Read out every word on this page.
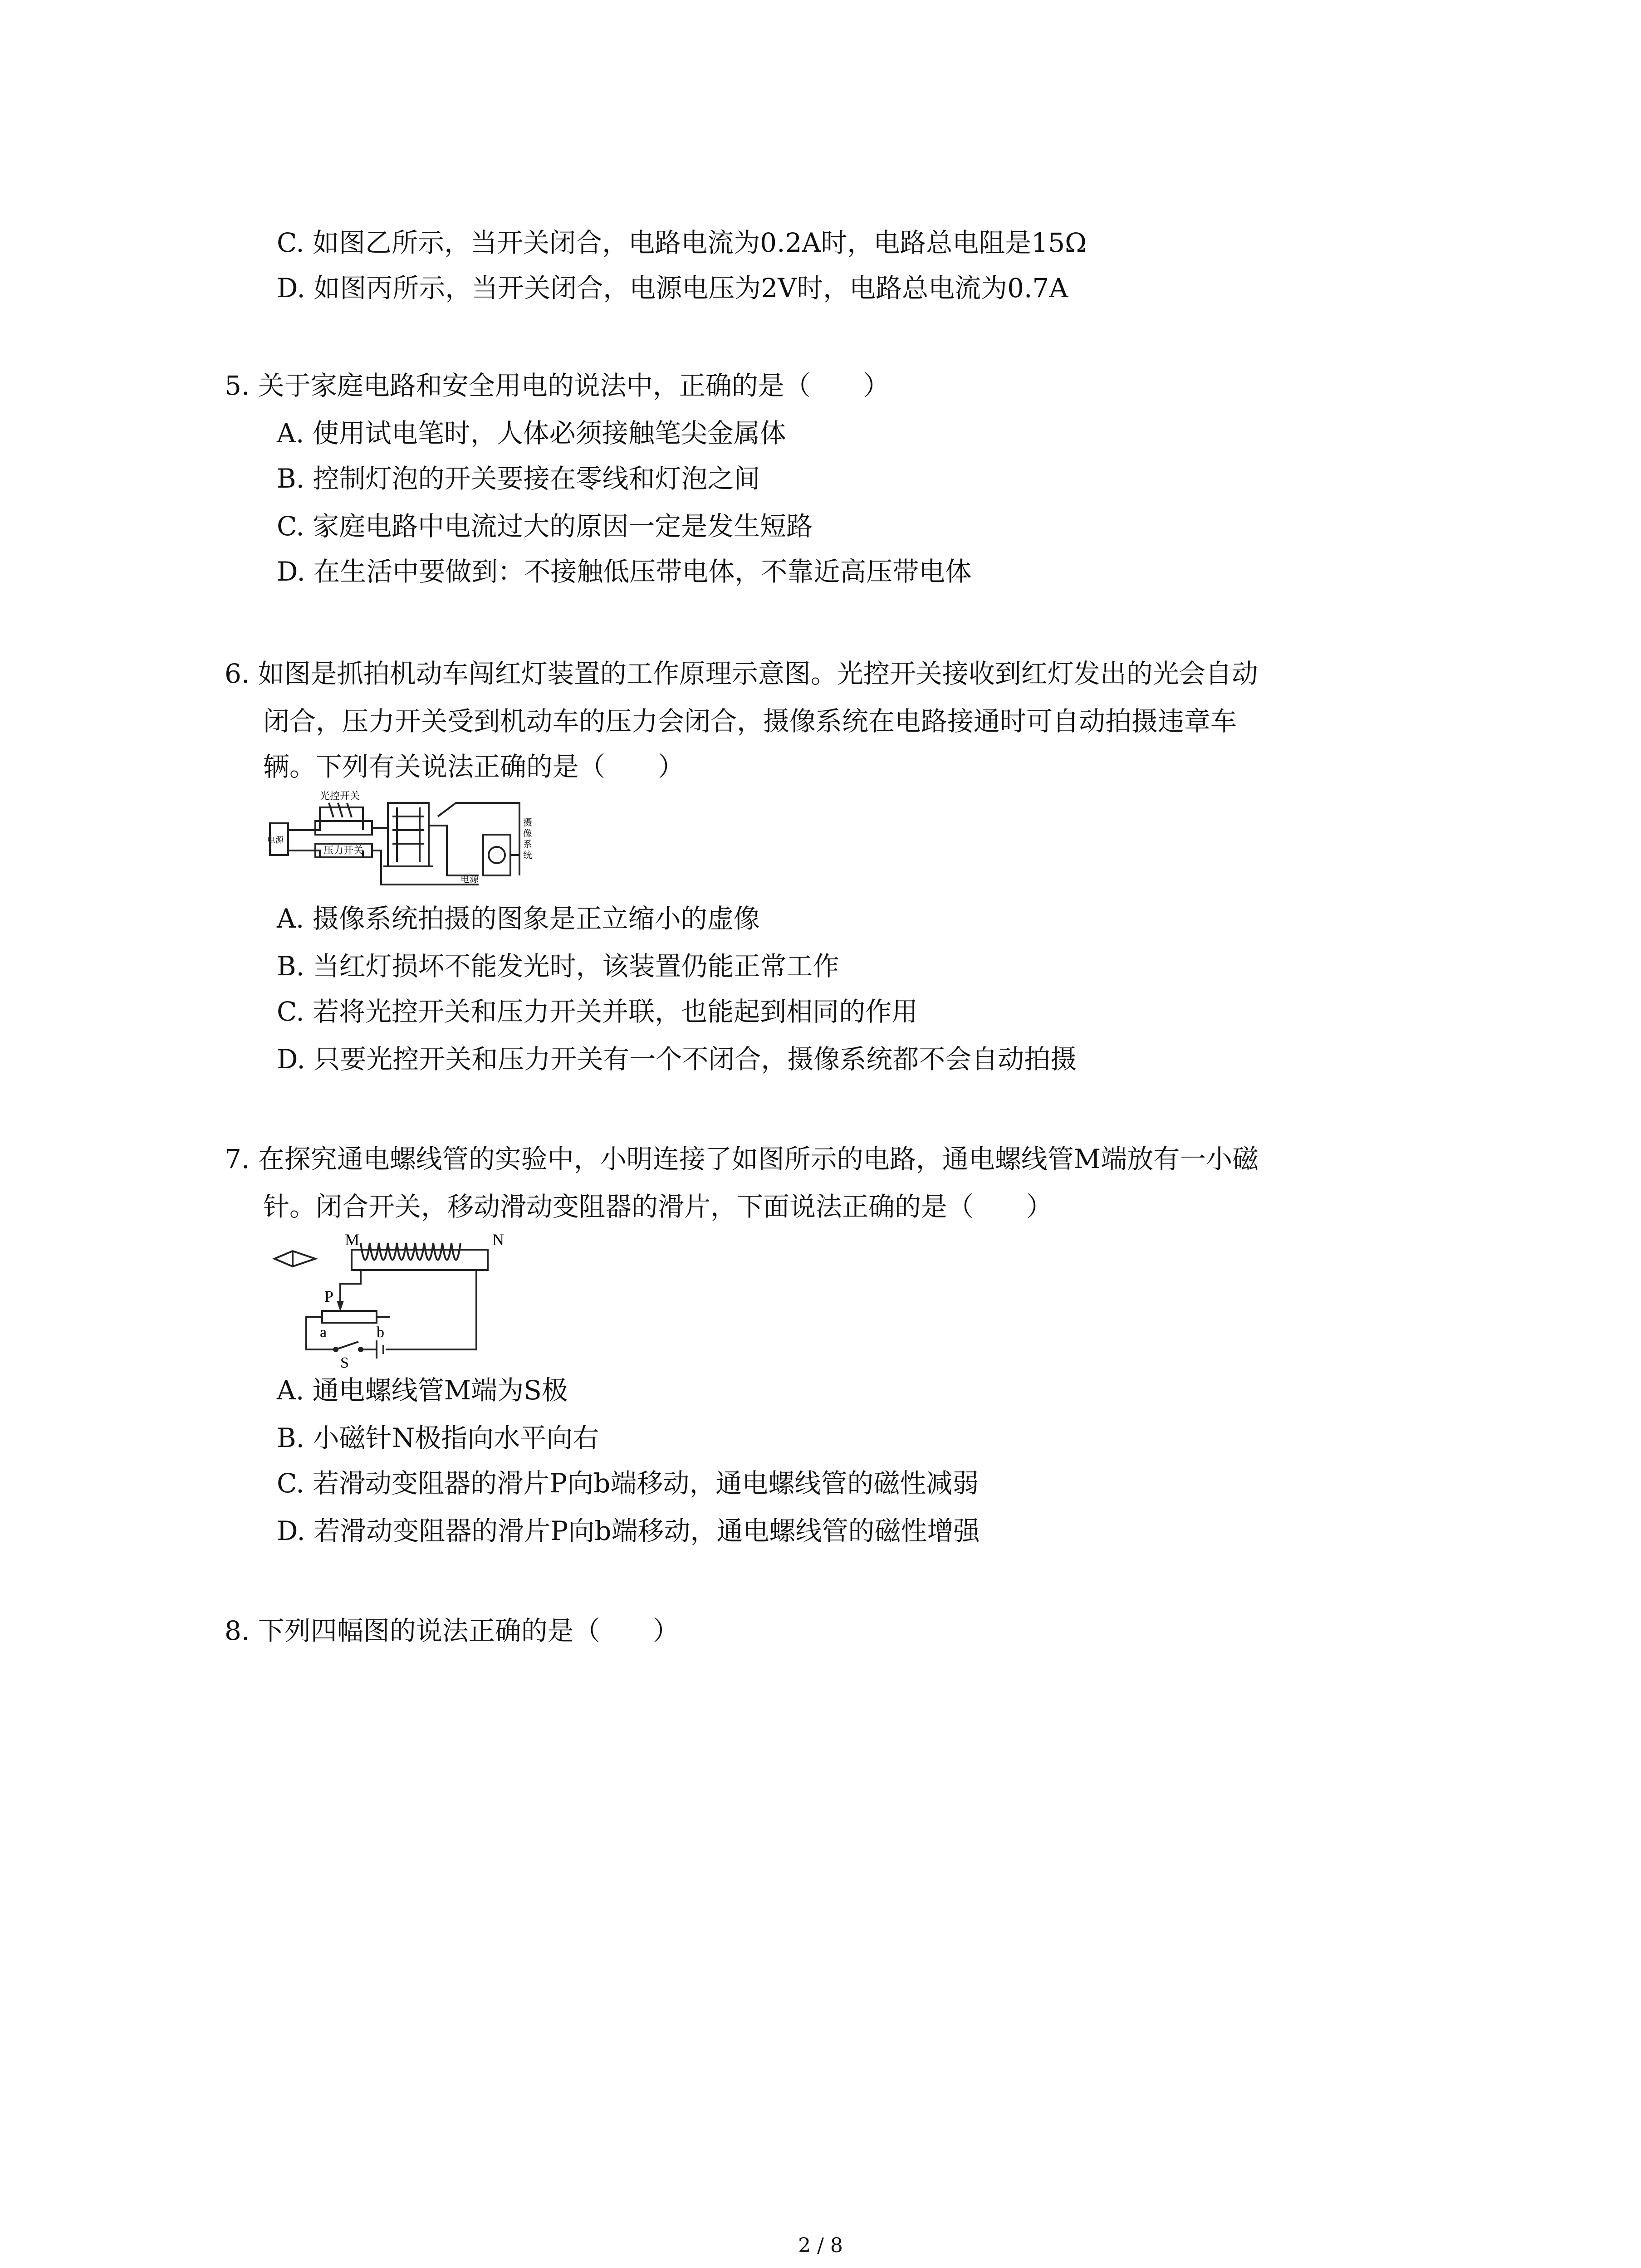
C. 如图乙所示，当开关闭合，电路电流为0.2A时，电路总电阻是15Ω
D. 如图丙所示，当开关闭合，电源电压为2V时，电路总电流为0.7A
5. 关于家庭电路和安全用电的说法中，正确的是（　　）
A. 使用试电笔时，人体必须接触笔尖金属体
B. 控制灯泡的开关要接在零线和灯泡之间
C. 家庭电路中电流过大的原因一定是发生短路
D. 在生活中要做到：不接触低压带电体，不靠近高压带电体
6. 如图是抓拍机动车闯红灯装置的工作原理示意图。光控开关接收到红灯发出的光会自动
闭合，压力开关受到机动车的压力会闭合，摄像系统在电路接通时可自动拍摄违章车
辆。下列有关说法正确的是（　　）
光控开关
压力开关
电源
电源
摄
像
系
统
A. 摄像系统拍摄的图象是正立缩小的虚像
B. 当红灯损坏不能发光时，该装置仍能正常工作
C. 若将光控开关和压力开关并联，也能起到相同的作用
D. 只要光控开关和压力开关有一个不闭合，摄像系统都不会自动拍摄
7. 在探究通电螺线管的实验中，小明连接了如图所示的电路，通电螺线管M端放有一小磁
针。闭合开关，移动滑动变阻器的滑片，下面说法正确的是（　　）
M	N
P
a	b
S
A. 通电螺线管M端为S极
B. 小磁针N极指向水平向右
C. 若滑动变阻器的滑片P向b端移动，通电螺线管的磁性减弱
D. 若滑动变阻器的滑片P向b端移动，通电螺线管的磁性增强
8. 下列四幅图的说法正确的是（　　）
2 / 8
